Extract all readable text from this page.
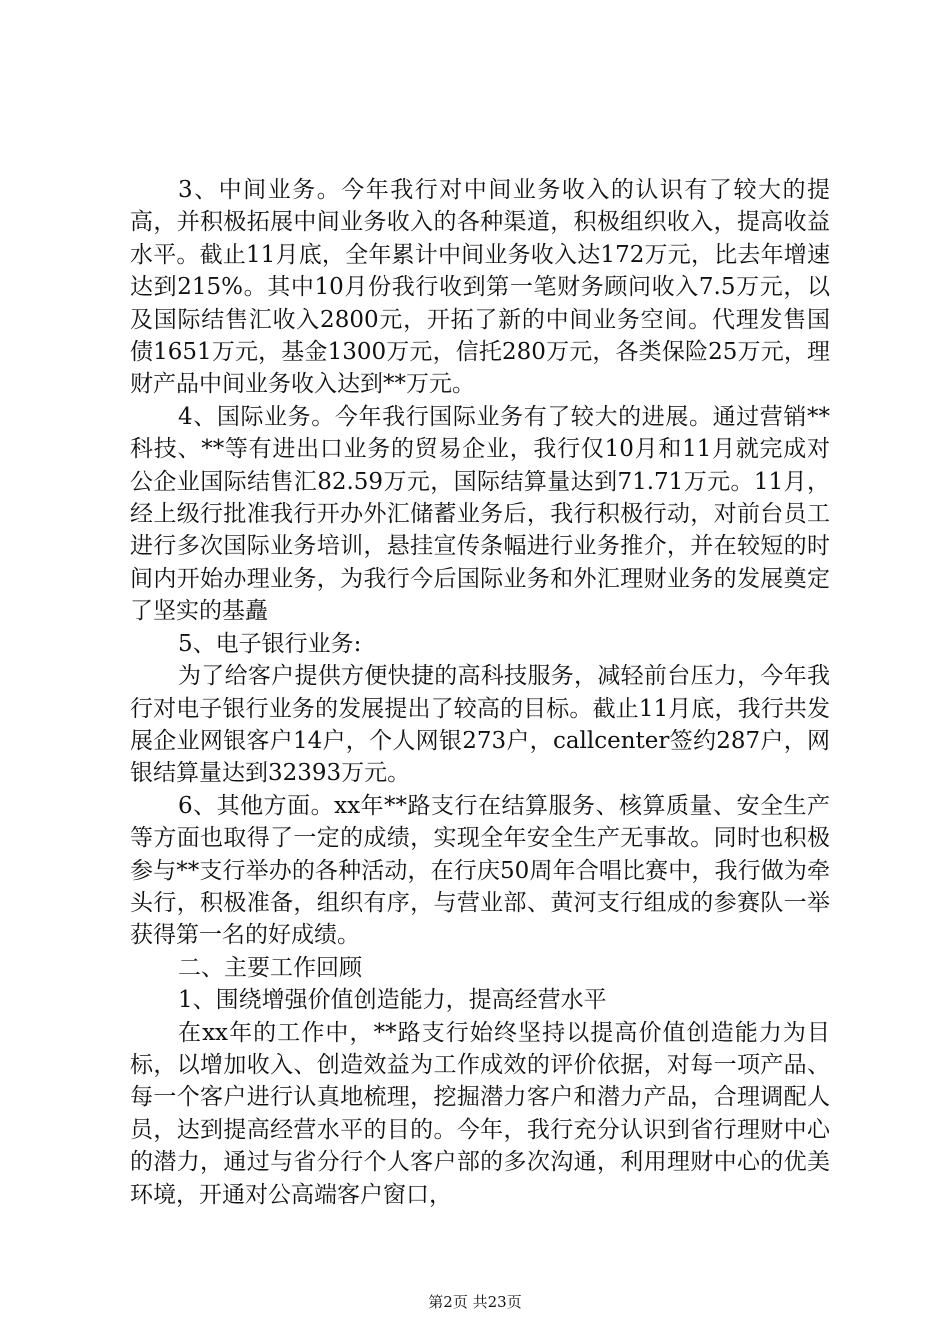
3、中间业务。今年我行对中间业务收入的认识有了较大的提高，并积极拓展中间业务收入的各种渠道，积极组织收入，提高收益水平。截止11月底，全年累计中间业务收入达172万元，比去年增速达到215%。其中10月份我行收到第一笔财务顾问收入7.5万元，以及国际结售汇收入2800元，开拓了新的中间业务空间。代理发售国债1651万元，基金1300万元，信托280万元，各类保险25万元，理财产品中间业务收入达到**万元。

4、国际业务。今年我行国际业务有了较大的进展。通过营销**科技、**等有进出口业务的贸易企业，我行仅10月和11月就完成对公企业国际结售汇82.59万元，国际结算量达到71.71万元。11月，经上级行批准我行开办外汇储蓄业务后，我行积极行动，对前台员工进行多次国际业务培训，悬挂宣传条幅进行业务推介，并在较短的时间内开始办理业务，为我行今后国际业务和外汇理财业务的发展奠定了坚实的基矗

5、电子银行业务:

为了给客户提供方便快捷的高科技服务，减轻前台压力，今年我行对电子银行业务的发展提出了较高的目标。截止11月底，我行共发展企业网银客户14户，个人网银273户，callcenter签约287户，网银结算量达到32393万元。

6、其他方面。xx年**路支行在结算服务、核算质量、安全生产等方面也取得了一定的成绩，实现全年安全生产无事故。同时也积极参与**支行举办的各种活动，在行庆50周年合唱比赛中，我行做为牵头行，积极准备，组织有序，与营业部、黄河支行组成的参赛队一举获得第一名的好成绩。

二、主要工作回顾

1、围绕增强价值创造能力，提高经营水平

在xx年的工作中，**路支行始终坚持以提高价值创造能力为目标，以增加收入、创造效益为工作成效的评价依据，对每一项产品、每一个客户进行认真地梳理，挖掘潜力客户和潜力产品，合理调配人员，达到提高经营水平的目的。今年，我行充分认识到省行理财中心的潜力，通过与省分行个人客户部的多次沟通，利用理财中心的优美环境，开通对公高端客户窗口，

第2页 共23页
